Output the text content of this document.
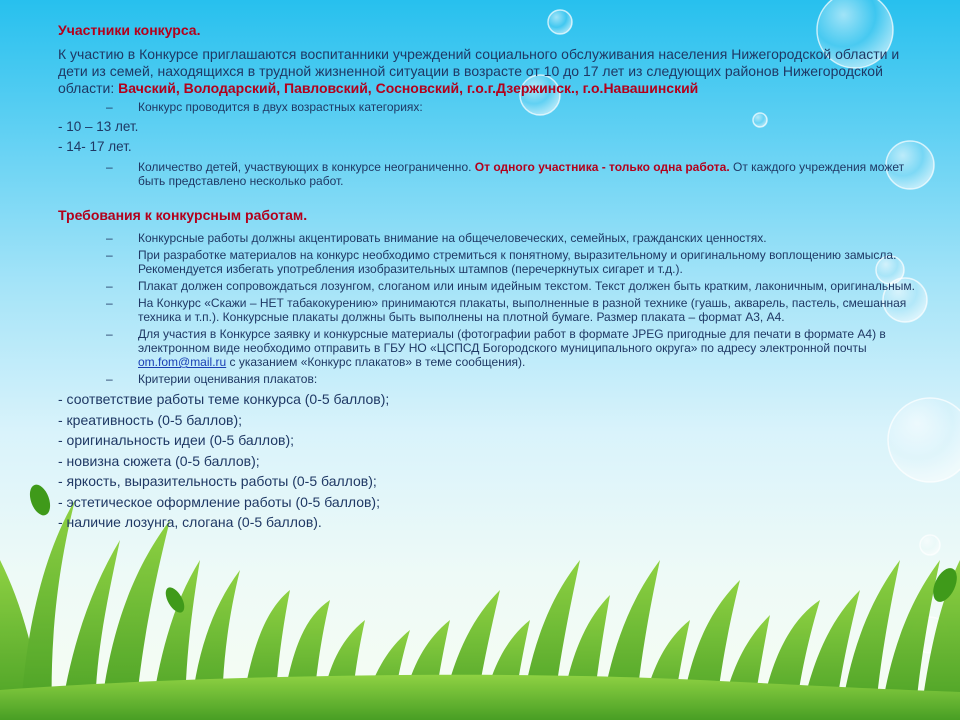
Участники конкурса.

К участию в Конкурсе приглашаются воспитанники учреждений социального обслуживания населения Нижегородской области и дети из семей, находящихся в трудной жизненной ситуации в возрасте от 10 до 17 лет из следующих районов Нижегородской области: Вачский, Володарский, Павловский, Сосновский, г.о.г.Дзержинск., г.о.Навашинский

– Конкурс проводится в двух возрастных категориях:

- 10 – 13 лет.

- 14- 17 лет.

– Количество детей, участвующих в конкурсе неограниченно. От одного участника - только одна работа. От каждого учреждения может быть представлено несколько работ.

Требования к конкурсным работам.

– Конкурсные работы должны акцентировать внимание на общечеловеческих, семейных, гражданских ценностях.
– При разработке материалов на конкурс необходимо стремиться к понятному, выразительному и оригинальному воплощению замысла. Рекомендуется избегать употребления изобразительных штампов (перечеркнутых сигарет и т.д.).
– Плакат должен сопровождаться лозунгом, слоганом или иным идейным текстом. Текст должен быть кратким, лаконичным, оригинальным.
– На Конкурс «Скажи – НЕТ табакокурению» принимаются плакаты, выполненные в разной технике (гуашь, акварель, пастель, смешанная техника и т.п.). Конкурсные плакаты должны быть выполнены на плотной бумаге. Размер плаката – формат А3, А4.
– Для участия в Конкурсе заявку и конкурсные материалы (фотографии работ в формате JPEG пригодные для печати в формате А4) в электронном виде необходимо отправить в ГБУ НО «ЦСПСД Богородского муниципального округа» по адресу электронной почты om.fom@mail.ru с указанием «Конкурс плакатов» в теме сообщения).
– Критерии оценивания плакатов:

- соответствие работы теме конкурса (0-5 баллов);

- креативность (0-5 баллов);

- оригинальность идеи (0-5 баллов);

- новизна сюжета (0-5 баллов);

- яркость, выразительность работы (0-5 баллов);

- эстетическое оформление работы (0-5 баллов);

- наличие лозунга, слогана (0-5 баллов).
